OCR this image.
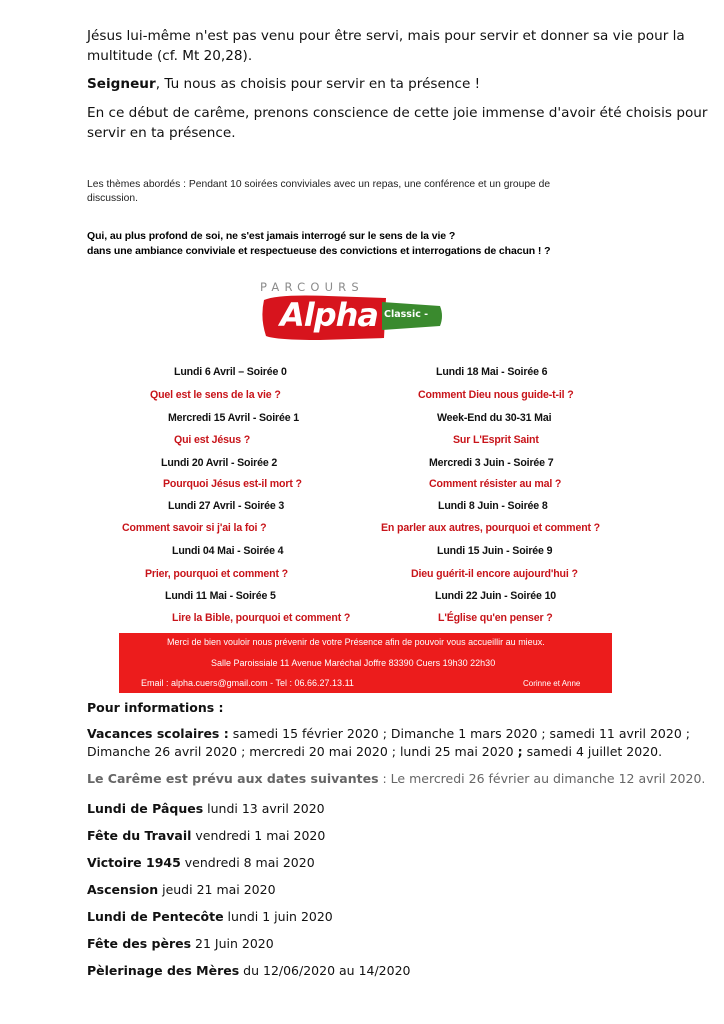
Jésus lui-même n'est pas venu pour être servi, mais pour servir et donner sa vie pour la
multitude (cf. Mt 20,28).
Seigneur, Tu nous as choisis pour servir en ta présence !
En ce début de carême, prenons conscience de cette joie immense d'avoir été choisis pour
servir en ta présence.
Les thèmes abordés : Pendant 10 soirées conviviales avec un repas, une conférence et un groupe de
discussion.
Qui, au plus profond de soi, ne s'est jamais interrogé sur le sens de la vie ?
dans une ambiance conviviale et respectueuse des convictions et interrogations de chacun ! ?
PARCOURS
Alpha Classic -
Lundi 6 Avril – Soirée 0
Quel est le sens de la vie ?
Mercredi 15 Avril - Soirée 1
Qui est Jésus ?
Lundi 20 Avril - Soirée 2
Pourquoi Jésus est-il mort ?
Lundi 27 Avril - Soirée 3
Comment savoir si j'ai la foi ?
Lundi 04 Mai - Soirée 4
Prier, pourquoi et comment ?
Lundi 11 Mai - Soirée 5
Lire la Bible, pourquoi et comment ?
Lundi 18 Mai - Soirée 6
Comment Dieu nous guide-t-il ?
Week-End du 30-31 Mai
Sur L'Esprit Saint
Mercredi 3 Juin - Soirée 7
Comment résister au mal ?
Lundi 8 Juin - Soirée 8
En parler aux autres, pourquoi et comment ?
Lundi 15 Juin - Soirée 9
Dieu guérit-il encore aujourd'hui ?
Lundi 22 Juin - Soirée 10
L'Église qu'en penser ?
Merci de bien vouloir nous prévenir de votre Présence afin de pouvoir vous accueillir au mieux.
Salle Paroissiale 11 Avenue Maréchal Joffre 83390 Cuers 19h30 22h30
Email : alpha.cuers@gmail.com - Tel : 06.66.27.13.11	Corinne et Anne
Pour informations :
Vacances scolaires : samedi 15 février 2020 ; Dimanche 1 mars 2020 ; samedi 11 avril 2020 ;
Dimanche 26 avril 2020 ; mercredi 20 mai 2020 ; lundi 25 mai 2020 ; samedi 4 juillet 2020.
Le Carême est prévu aux dates suivantes : Le mercredi 26 février au dimanche 12 avril 2020.
Lundi de Pâques lundi 13 avril 2020
Fête du Travail vendredi 1 mai 2020
Victoire 1945 vendredi 8 mai 2020
Ascension jeudi 21 mai 2020
Lundi de Pentecôte lundi 1 juin 2020
Fête des pères 21 Juin 2020
Pèlerinage des Mères du 12/06/2020 au 14/2020
